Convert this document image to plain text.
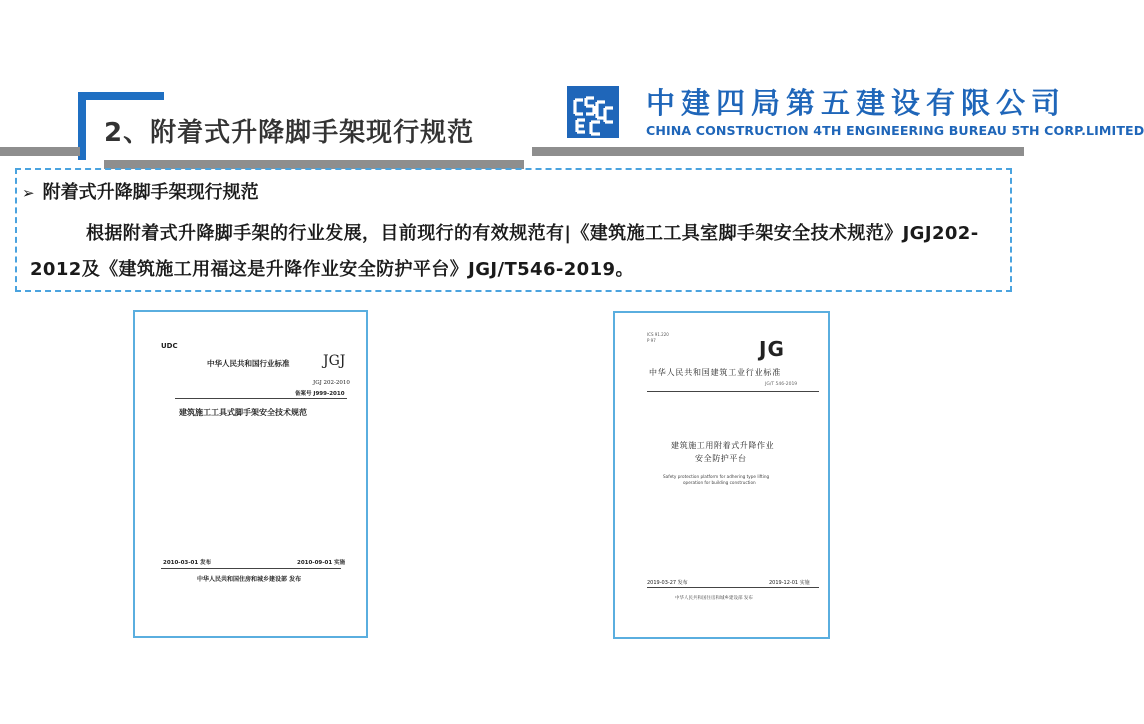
2、附着式升降脚手架现行规范
中建四局第五建设有限公司
CHINA CONSTRUCTION 4TH ENGINEERING BUREAU 5TH CORP.LIMITED
➢ 附着式升降脚手架现行规范
根据附着式升降脚手架的行业发展，目前现行的有效规范有|《建筑施工工具室脚手架安全技术规范》JGJ202-2012及《建筑施工用福这是升降作业安全防护平台》JGJ/T546-2019。
UDC
中华人民共和国行业标准 JGJ
JGJ 202-2010
备案号 J999-2010
建筑施工工具式脚手架安全技术规范
2010-03-01 发布	2010-09-01 实施
中华人民共和国住房和城乡建设部 发布
ICS 91.220
P 97	JG
中华人民共和国建筑工业行业标准
JG/T 546-2019
建筑施工用附着式升降作业
安全防护平台
Safety protection platform for adhering type lifting
operation for building construction
2019-03-27 发布	2019-12-01 实施
中华人民共和国住房和城乡建设部 发布
